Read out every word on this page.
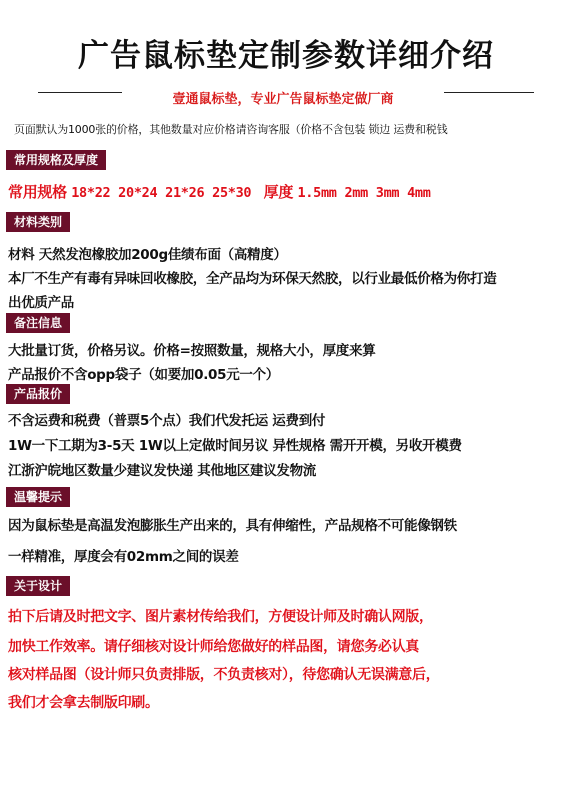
广告鼠标垫定制参数详细介绍
壹通鼠标垫，专业广告鼠标垫定做厂商
页面默认为1000张的价格，其他数量对应价格请咨询客服（价格不含包装 锁边 运费和税钱
常用规格及厚度
常用规格 18*22 20*24 21*26 25*30 厚度 1.5mm 2mm 3mm 4mm
材料类别
材料 天然发泡橡胶加200g佳绩布面（高精度）
本厂不生产有毒有异味回收橡胶，全产品均为环保天然胶，以行业最低价格为你打造
出优质产品
备注信息
大批量订货，价格另议。价格=按照数量，规格大小，厚度来算
产品报价不含opp袋子（如要加0.05元一个）
产品报价
不含运费和税费（普票5个点）我们代发托运 运费到付
1W一下工期为3-5天 1W以上定做时间另议 异性规格 需开开模，另收开模费
江浙沪皖地区数量少建议发快递 其他地区建议发物流
温馨提示
因为鼠标垫是高温发泡膨胀生产出来的，具有伸缩性，产品规格不可能像钢铁
一样精准，厚度会有02mm之间的误差
关于设计
拍下后请及时把文字、图片素材传给我们，方便设计师及时确认网版，
加快工作效率。请仔细核对设计师给您做好的样品图，请您务必认真
核对样品图（设计师只负责排版，不负责核对），待您确认无误满意后，
我们才会拿去制版印刷。
